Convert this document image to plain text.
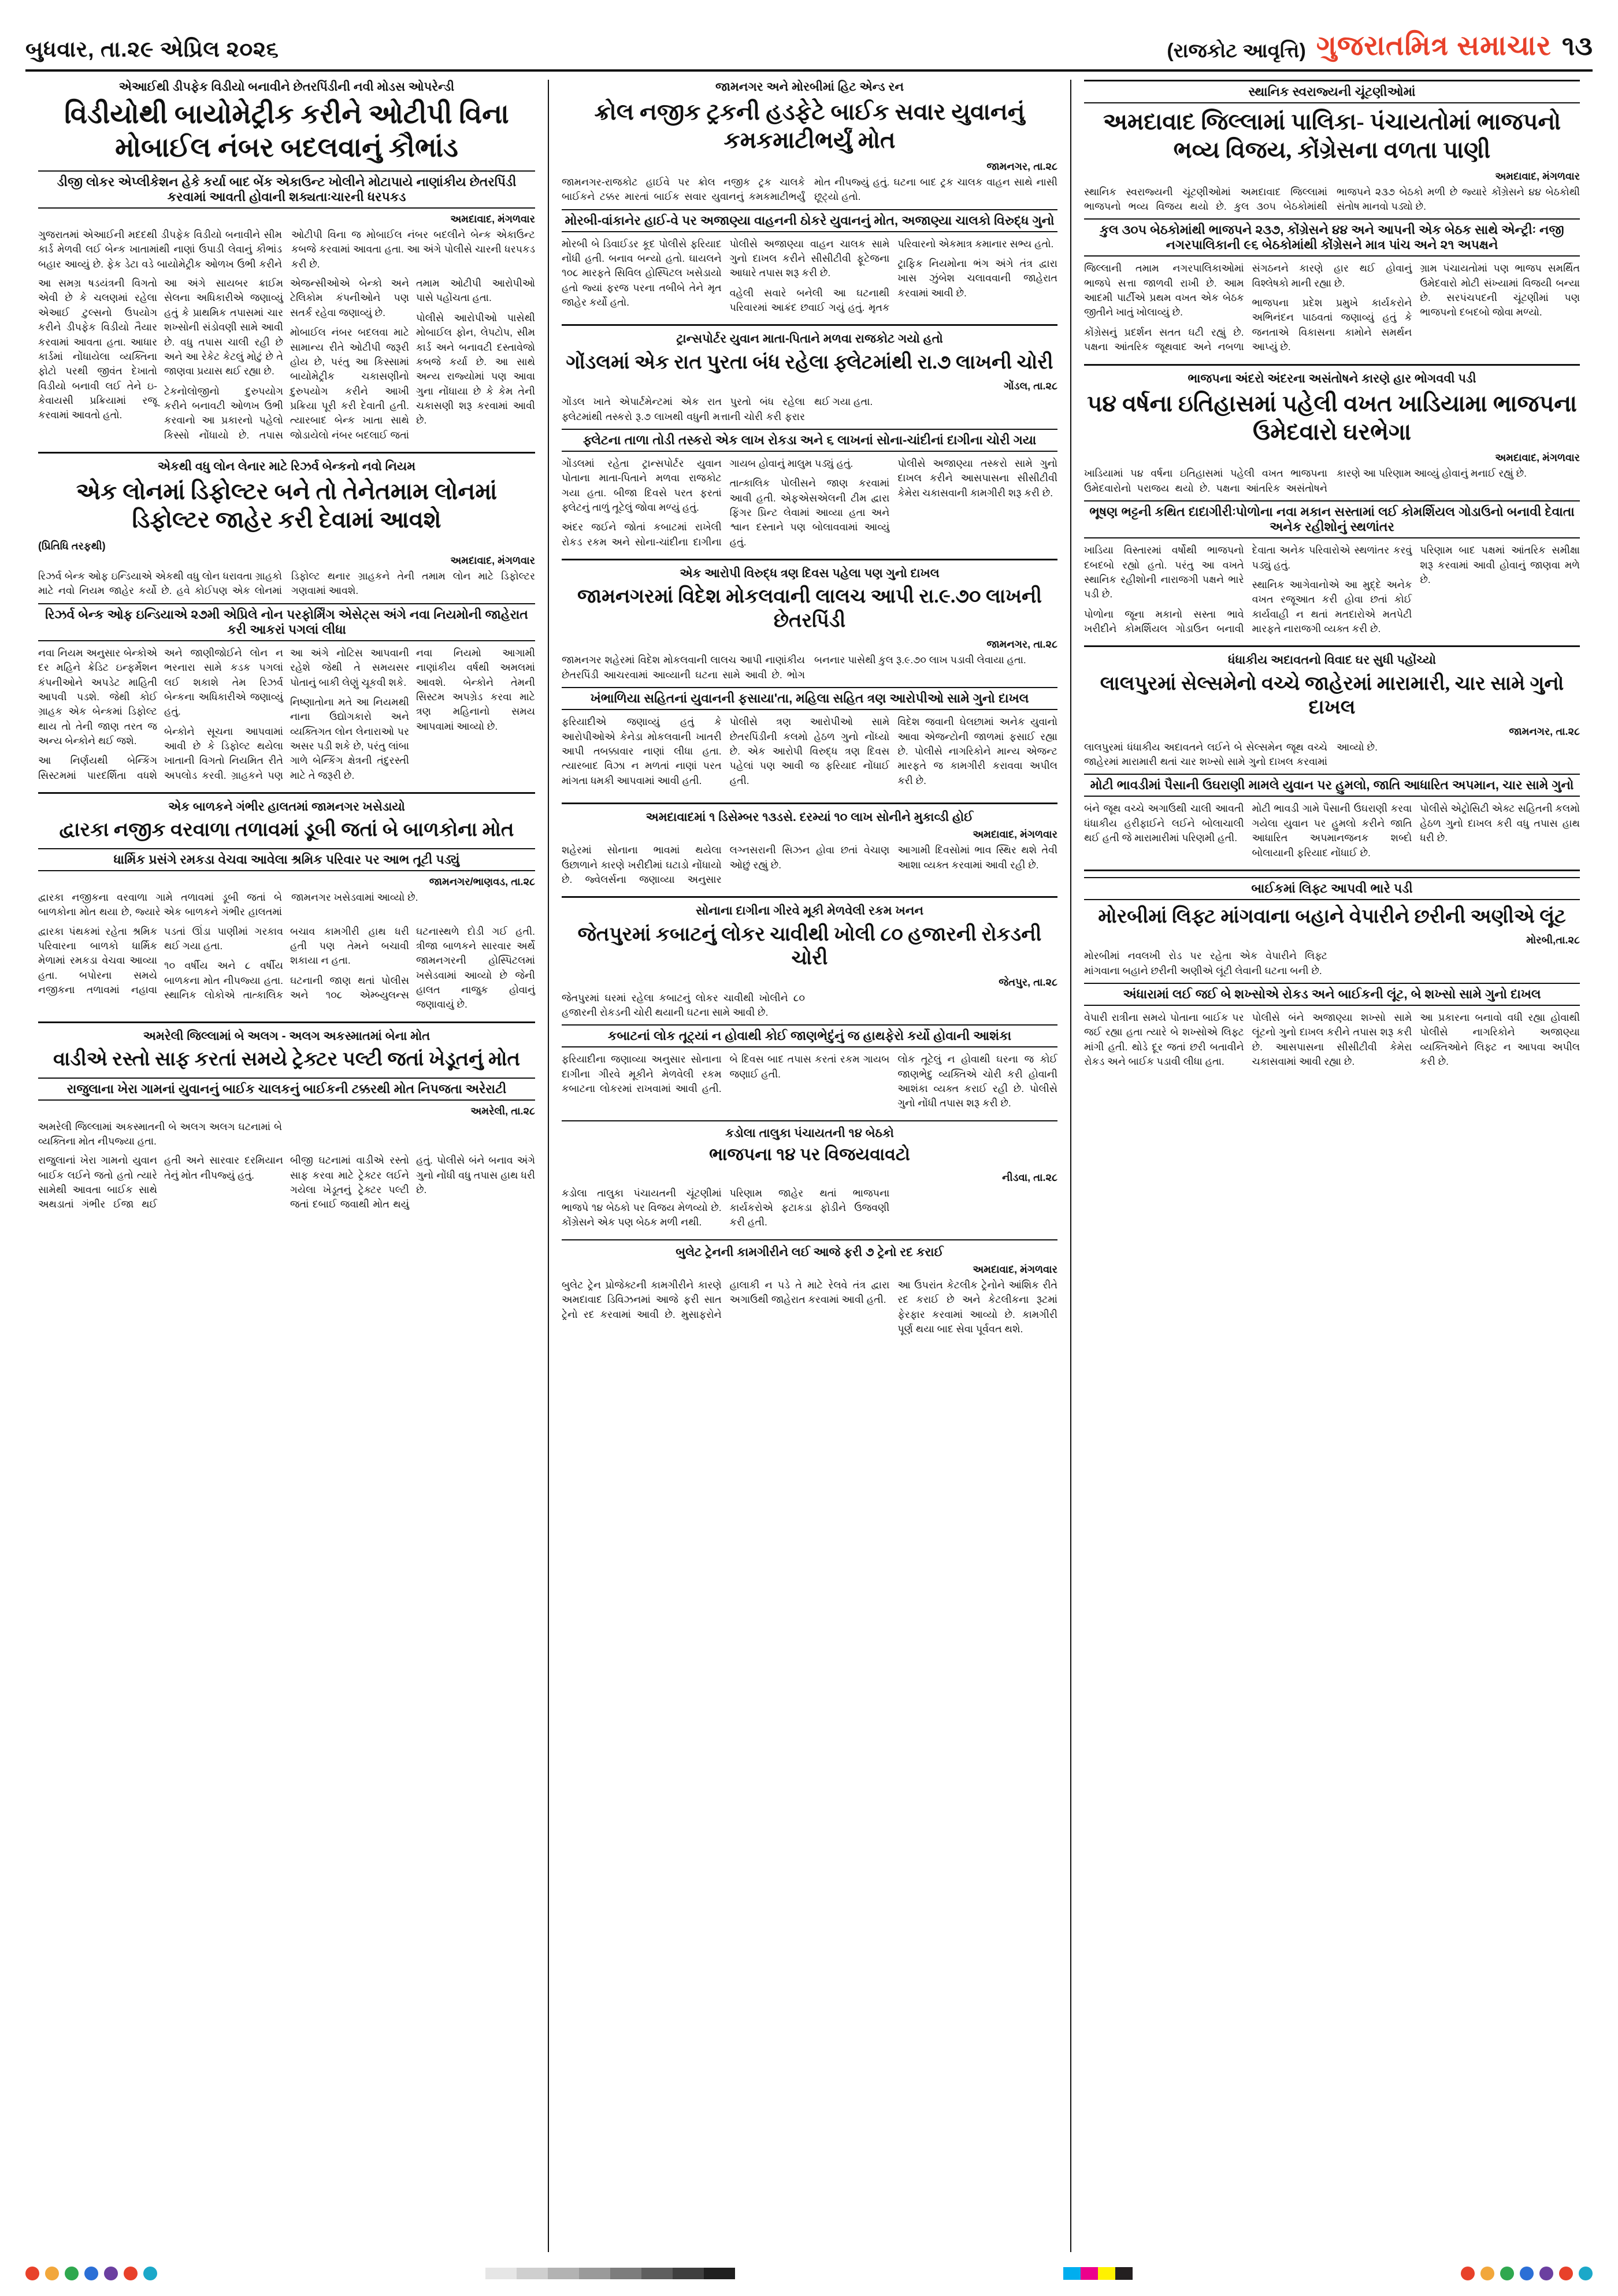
બુધવાર, તા.૨૯ એપ્રિલ ૨૦૨૬	(રાજકોટ આવૃત્તિ) ગુજરાતમિત્ર સમાચાર ૧૩
એઆઈથી ડીપફેક વિડીયો બનાવીને છેતરપિંડીની નવી મોડસ ઓપરેન્ડી
વિડીયોથી બાયોમેટ્રીક કરીને ઓટીપી વિના મોબાઈલ નંબર બદલવાનું કૌભાંડ
ડીજી લોકર એપ્લીકેશન હેકે કર્યા બાદ બેંક એકાઉન્ટ ખોલીને મોટાપાયે નાણાંકીય છેતરપિંડી કરવામાં આવતી હોવાની શક્યતાઃચારની ધરપકડ
અમદાવાદ, મંગળવાર
ગુજરાતમાં એઆઈની મદદથી ડીપફેક વિડીયો બનાવીને સીમ કાર્ડ મેળવી લઈ બેન્ક ખાતામાંથી નાણાં ઉપાડી લેવાનું કૌભાંડ બહાર આવ્યું છે. ફેક ડેટા વડે બાયોમેટ્રીક ઓળખ ઉભી કરીને ઓટીપી વિના જ મોબાઈલ નંબર બદલીને બેન્ક એકાઉન્ટ કબજે કરવામાં આવતા હતા. આ અંગે પોલીસે ચારની ધરપકડ કરી છે.

આ સમગ્ર ષડયંત્રની વિગતો એવી છે કે ચલણમાં રહેલા એઆઈ ટુલ્સનો ઉપયોગ કરીને ડીપફેક વિડીયો તૈયાર કરવામાં આવતા હતા. આધાર કાર્ડમાં નોંધાયેલા વ્યક્તિના ફોટો પરથી જીવંત દેખાતો વિડીયો બનાવી લઈ તેને ઇ-કેવાયસી પ્રક્રિયામાં રજૂ કરવામાં આવતો હતો.

આ અંગે સાયબર ક્રાઈમ સેલના અધિકારીએ જણાવ્યું હતું કે પ્રાથમિક તપાસમાં ચાર શખ્સોની સંડોવણી સામે આવી છે. વધુ તપાસ ચાલી રહી છે અને આ રેકેટ કેટલું મોટું છે તે જાણવા પ્રયાસ થઈ રહ્યા છે.

ટેકનોલોજીનો દુરુપયોગ કરીને બનાવટી ઓળખ ઉભી કરવાનો આ પ્રકારનો પહેલો કિસ્સો નોંધાયો છે. તપાસ એજન્સીઓએ બેન્કો અને ટેલિકોમ કંપનીઓને પણ સતર્ક રહેવા જણાવ્યું છે.

મોબાઈલ નંબર બદલવા માટે સામાન્ય રીતે ઓટીપી જરૂરી હોય છે, પરંતુ આ કિસ્સામાં બાયોમેટ્રીક ચકાસણીનો દુરુપયોગ કરીને આખી પ્રક્રિયા પૂરી કરી દેવાતી હતી. ત્યારબાદ બેન્ક ખાતા સાથે જોડાયેલો નંબર બદલાઈ જતાં તમામ ઓટીપી આરોપીઓ પાસે પહોંચતા હતા.

પોલીસે આરોપીઓ પાસેથી મોબાઈલ ફોન, લેપટોપ, સીમ કાર્ડ અને બનાવટી દસ્તાવેજો કબજે કર્યા છે. આ સાથે અન્ય રાજ્યોમાં પણ આવા ગુના નોંધાયા છે કે કેમ તેની ચકાસણી શરૂ કરવામાં આવી છે.

એકથી વધુ લોન લેનાર માટે રિઝર્વ બેન્કનો નવો નિયમ
એક લોનમાં ડિફોલ્ટર બને તો તેનેતમામ લોનમાં ડિફોલ્ટર જાહેર કરી દેવામાં આવશે
(પ્રિતિધિ તરફથી)
અમદાવાદ, મંગળવાર
રિઝર્વ બેન્ક ઓફ ઇન્ડિયાએ એકથી વધુ લોન ધરાવતા ગ્રાહકો માટે નવો નિયમ જાહેર કર્યો છે. હવે કોઈપણ એક લોનમાં ડિફોલ્ટ થનાર ગ્રાહકને તેની તમામ લોન માટે ડિફોલ્ટર ગણવામાં આવશે.
રિઝર્વ બેન્ક ઓફ ઇન્ડિયાએ ૨૭મી એપ્રિલે નોન પરફોર્મિંગ એસેટ્સ અંગે નવા નિયમોની જાહેરાત કરી આકરાં પગલાં લીધા

નવા નિયમ અનુસાર બેન્કોએ દર મહિને ક્રેડિટ ઇન્ફર્મેશન કંપનીઓને અપડેટ માહિતી આપવી પડશે. જેથી કોઈ ગ્રાહક એક બેન્કમાં ડિફોલ્ટ થાય તો તેની જાણ તરત જ અન્ય બેન્કોને થઈ જશે.

આ નિર્ણયથી બેન્કિંગ સિસ્ટમમાં પારદર્શિતા વધશે અને જાણીજોઈને લોન ન ભરનારા સામે કડક પગલાં લઈ શકાશે તેમ રિઝર્વ બેન્કના અધિકારીએ જણાવ્યું હતું.

બેન્કોને સૂચના આપવામાં આવી છે કે ડિફોલ્ટ થયેલા ખાતાની વિગતો નિયમિત રીતે અપલોડ કરવી. ગ્રાહકને પણ આ અંગે નોટિસ આપવાની રહેશે જેથી તે સમયસર પોતાનું બાકી લેણું ચૂકવી શકે.

નિષ્ણાતોના મતે આ નિયમથી નાના ઉદ્યોગકારો અને વ્યક્તિગત લોન લેનારાઓ પર અસર પડી શકે છે, પરંતુ લાંબા ગાળે બેન્કિંગ ક્ષેત્રની તંદુરસ્તી માટે તે જરૂરી છે.

નવા નિયમો આગામી નાણાંકીય વર્ષથી અમલમાં આવશે. બેન્કોને તેમની સિસ્ટમ અપગ્રેડ કરવા માટે ત્રણ મહિનાનો સમય આપવામાં આવ્યો છે.

એક બાળકને ગંભીર હાલતમાં જામનગર ખસેડાયો
દ્વારકા નજીક વરવાળા તળાવમાં ડૂબી જતાં બે બાળકોના મોત
ધાર્મિક પ્રસંગે રમકડા વેચવા આવેલા શ્રમિક પરિવાર પર આભ તૂટી પડ્યું
જામનગર/ભાણવડ, તા.૨૮
દ્વારકા નજીકના વરવાળા ગામે તળાવમાં ડૂબી જતાં બે બાળકોના મોત થયા છે, જ્યારે એક બાળકને ગંભીર હાલતમાં જામનગર ખસેડવામાં આવ્યો છે.

દ્વારકા પંથકમાં રહેતા શ્રમિક પરિવારના બાળકો ધાર્મિક મેળામાં રમકડા વેચવા આવ્યા હતા. બપોરના સમયે નજીકના તળાવમાં નહાવા પડતાં ઊંડા પાણીમાં ગરકાવ થઈ ગયા હતા.

૧૦ વર્ષીય અને ૮ વર્ષીય બાળકના મોત નીપજ્યા હતા. સ્થાનિક લોકોએ તાત્કાલિક બચાવ કામગીરી હાથ ધરી હતી પણ તેમને બચાવી શકાયા ન હતા.

ઘટનાની જાણ થતાં પોલીસ અને ૧૦૮ એમ્બ્યુલન્સ ઘટનાસ્થળે દોડી ગઈ હતી. ત્રીજા બાળકને સારવાર અર્થે જામનગરની હોસ્પિટલમાં ખસેડવામાં આવ્યો છે જેની હાલત નાજુક હોવાનું જણાવાયું છે.

અમરેલી જિલ્લામાં બે અલગ - અલગ અકસ્માતમાં બેના મોત
વાડીએ રસ્તો સાફ કરતાં સમયે ટ્રેક્ટર પલ્ટી જતાં ખેડૂતનું મોત
રાજુલાના ખેરા ગામનાં યુવાનનું બાઈક ચાલકનું બાઈકની ટક્કરથી મોત નિપજતા અરેરાટી
અમરેલી, તા.૨૮
અમરેલી જિલ્લામાં અકસ્માતની બે અલગ અલગ ઘટનામાં બે વ્યક્તિના મોત નીપજ્યા હતા.

રાજુલાનાં ખેરા ગામનો યુવાન બાઈક લઈને જતો હતો ત્યારે સામેથી આવતા બાઈક સાથે અથડાતાં ગંભીર ઈજા થઈ હતી અને સારવાર દરમિયાન તેનું મોત નીપજ્યું હતું.

બીજી ઘટનામાં વાડીએ રસ્તો સાફ કરવા માટે ટ્રેક્ટર લઈને ગયેલા ખેડૂતનું ટ્રેક્ટર પલ્ટી જતાં દબાઈ જવાથી મોત થયું હતું. પોલીસે બંને બનાવ અંગે ગુનો નોંધી વધુ તપાસ હાથ ધરી છે.

જામનગર અને મોરબીમાં હિટ એન્ડ રન
ક્રોલ નજીક ટ્રકની હડફેટે બાઈક સવાર યુવાનનું કમકમાટીભર્યું મોત
જામનગર, તા.૨૮
જામનગર-રાજકોટ હાઈવે પર ક્રોલ નજીક ટ્રક ચાલકે બાઈકને ટક્કર મારતાં બાઈક સવાર યુવાનનું કમકમાટીભર્યું મોત નીપજ્યું હતું. ઘટના બાદ ટ્રક ચાલક વાહન સાથે નાસી છૂટ્યો હતો.
મોરબી-વાંકાનેર હાઈ-વે પર અજાણ્યા વાહનની ઠોકરે યુવાનનું મોત, અજાણ્યા ચાલકો વિરુદ્ધ ગુનો

મોરબી બે ડિવાઈડર કૂદ પોલીસે ફરિયાદ નોંધી હતી. બનાવ બન્યો હતો. ઘાયલને ૧૦૮ મારફતે સિવિલ હોસ્પિટલ ખસેડાયો હતો જ્યાં ફરજ પરના તબીબે તેને મૃત જાહેર કર્યો હતો.

પોલીસે અજાણ્યા વાહન ચાલક સામે ગુનો દાખલ કરીને સીસીટીવી ફૂટેજના આધારે તપાસ શરૂ કરી છે.

વહેલી સવારે બનેલી આ ઘટનાથી પરિવારમાં આક્રંદ છવાઈ ગયું હતું. મૃતક પરિવારનો એકમાત્ર કમાનાર સભ્ય હતો.

ટ્રાફિક નિયમોના ભંગ અંગે તંત્ર દ્વારા ખાસ ઝુંબેશ ચલાવવાની જાહેરાત કરવામાં આવી છે.

ટ્રાન્સપોર્ટર યુવાન માતા-પિતાને મળવા રાજકોટ ગયો હતો
ગોંડલમાં એક રાત પુરતા બંધ રહેલા ફ્લેટમાંથી રા.૭ લાખની ચોરી
ગોંડલ, તા.૨૮
ગોંડલ ખાતે એપાર્ટમેન્ટમાં એક રાત પુરતો બંધ રહેલા ફ્લેટમાંથી તસ્કરો રૂ.૭ લાખથી વધુની મત્તાની ચોરી કરી ફરાર થઈ ગયા હતા.
ફ્લેટના તાળા તોડી તસ્કરો એક લાખ રોકડા અને ૬ લાખનાં સોના-ચાંદીનાં દાગીના ચોરી ગયા

ગોંડલમાં રહેતા ટ્રાન્સપોર્ટર યુવાન પોતાના માતા-પિતાને મળવા રાજકોટ ગયા હતા. બીજા દિવસે પરત ફરતાં ફ્લેટનું તાળું તૂટેલું જોવા મળ્યું હતું.

અંદર જઈને જોતાં કબાટમાં રાખેલી રોકડ રકમ અને સોના-ચાંદીના દાગીના ગાયબ હોવાનું માલુમ પડ્યું હતું.

તાત્કાલિક પોલીસને જાણ કરવામાં આવી હતી. એફએસએલની ટીમ દ્વારા ફિંગર પ્રિન્ટ લેવામાં આવ્યા હતા અને શ્વાન દસ્તાને પણ બોલાવવામાં આવ્યું હતું.

પોલીસે અજાણ્યા તસ્કરો સામે ગુનો દાખલ કરીને આસપાસના સીસીટીવી કેમેરા ચકાસવાની કામગીરી શરૂ કરી છે.

એક આરોપી વિરુદ્ધ ત્રણ દિવસ પહેલા પણ ગુનો દાખલ
જામનગરમાં વિદેશ મોકલવાની લાલચ આપી રા.૯.૭૦ લાખની છેતરપિંડી
જામનગર, તા.૨૮
જામનગર શહેરમાં વિદેશ મોકલવાની લાલચ આપી નાણાંકીય છેતરપિંડી આચરવામાં આવ્યાની ઘટના સામે આવી છે. ભોગ બનનાર પાસેથી કુલ રૂ.૯.૭૦ લાખ પડાવી લેવાયા હતા.
ખંભાળિયા સહિતનાં યુવાનની ફસાયા'તા, મહિલા સહિત ત્રણ આરોપીઓ સામે ગુનો દાખલ

ફરિયાદીએ જણાવ્યું હતું કે આરોપીઓએ કેનેડા મોકલવાની ખાતરી આપી તબક્કાવાર નાણાં લીધા હતા. ત્યારબાદ વિઝા ન મળતાં નાણાં પરત માંગતા ધમકી આપવામાં આવી હતી.

પોલીસે ત્રણ આરોપીઓ સામે છેતરપિંડીની કલમો હેઠળ ગુનો નોંધ્યો છે. એક આરોપી વિરુદ્ધ ત્રણ દિવસ પહેલાં પણ આવી જ ફરિયાદ નોંધાઈ હતી.

વિદેશ જવાની ઘેલછામાં અનેક યુવાનો આવા એજન્ટોની જાળમાં ફસાઈ રહ્યા છે. પોલીસે નાગરિકોને માન્ય એજન્ટ મારફતે જ કામગીરી કરાવવા અપીલ કરી છે.

અમદાવાદમાં ૧ ડિસેમ્બર ૧૩ડસે. દરમ્યાં ૧૦ લાખ સોનીને મુકાવ્ડી હોઈ
અમદાવાદ, મંગળવાર

શહેરમાં સોનાના ભાવમાં થયેલા ઉછાળાને કારણે ખરીદીમાં ઘટાડો નોંધાયો છે. જ્વેલર્સના જણાવ્યા અનુસાર લગ્નસરાની સિઝન હોવા છતાં વેચાણ ઓછું રહ્યું છે.

આગામી દિવસોમાં ભાવ સ્થિર થશે તેવી આશા વ્યક્ત કરવામાં આવી રહી છે.

સોનાના દાગીના ગીરવે મૂકી મેળવેલી રકમ ખનન
જેતપુરમાં કબાટનું લોકર ચાવીથી ખોલી ૮૦ હજારની રોકડની ચોરી
જેતપુર, તા.૨૮
જેતપુરમાં ઘરમાં રહેલા કબાટનું લોકર ચાવીથી ખોલીને ૮૦ હજારની રોકડની ચોરી થયાની ઘટના સામે આવી છે.
કબાટનાં લોક તૂટ્યાં ન હોવાથી કોઈ જાણભેદુંનું જ હાથફેરો કર્યો હોવાની આશંકા

ફરિયાદીના જણાવ્યા અનુસાર સોનાના દાગીના ગીરવે મૂકીને મેળવેલી રકમ કબાટના લોકરમાં રાખવામાં આવી હતી. બે દિવસ બાદ તપાસ કરતાં રકમ ગાયબ જણાઈ હતી.

લોક તૂટેલું ન હોવાથી ઘરના જ કોઈ જાણભેદુ વ્યક્તિએ ચોરી કરી હોવાની આશંકા વ્યક્ત કરાઈ રહી છે. પોલીસે ગુનો નોંધી તપાસ શરૂ કરી છે.

કડોલા તાલુકા પંચાયતની ૧૪ બેઠકો
ભાજપના ૧૪ પર વિજયવાવટો
નીડવા, તા.૨૮

કડોલા તાલુકા પંચાયતની ચૂંટણીમાં ભાજપે ૧૪ બેઠકો પર વિજય મેળવ્યો છે. કોંગ્રેસને એક પણ બેઠક મળી નથી.

પરિણામ જાહેર થતાં ભાજપના કાર્યકરોએ ફટાકડા ફોડીને ઉજવણી કરી હતી.

બુલેટ ટ્રેનની કામગીરીને લઈ આજે ફરી ૭ ટ્રેનો રદ કરાઈ
અમદાવાદ, મંગળવાર

બુલેટ ટ્રેન પ્રોજેક્ટની કામગીરીને કારણે અમદાવાદ ડિવિઝનમાં આજે ફરી સાત ટ્રેનો રદ કરવામાં આવી છે. મુસાફરોને હાલાકી ન પડે તે માટે રેલવે તંત્ર દ્વારા અગાઉથી જાહેરાત કરવામાં આવી હતી.

આ ઉપરાંત કેટલીક ટ્રેનોને આંશિક રીતે રદ કરાઈ છે અને કેટલીકના રૂટમાં ફેરફાર કરવામાં આવ્યો છે. કામગીરી પૂર્ણ થયા બાદ સેવા પૂર્વવત થશે.

સ્થાનિક સ્વરાજ્યની ચૂંટણીઓમાં
અમદાવાદ જિલ્લામાં પાલિકા- પંચાયતોમાં ભાજપનો ભવ્ય વિજય, કોંગ્રેસના વળતા પાણી
અમદાવાદ, મંગળવાર
સ્થાનિક સ્વરાજ્યની ચૂંટણીઓમાં અમદાવાદ જિલ્લામાં ભાજપનો ભવ્ય વિજય થયો છે. કુલ ૩૦૫ બેઠકોમાંથી ભાજપને ૨૩૭ બેઠકો મળી છે જ્યારે કોંગ્રેસને ૪૪ બેઠકોથી સંતોષ માનવો પડ્યો છે.
કુલ ૩૦૫ બેઠકોમાંથી ભાજપને ૨૩૭, કોંગ્રેસને ૪૪ અને આપની એક બેઠક સાથે એન્ટ્રીઃ નજી નગરપાલિકાની ૯૬ બેઠકોમાંથી કોંગ્રેસને માત્ર પાંચ અને ૨૧ અપક્ષને

જિલ્લાની તમામ નગરપાલિકાઓમાં ભાજપે સત્તા જાળવી રાખી છે. આમ આદમી પાર્ટીએ પ્રથમ વખત એક બેઠક જીતીને ખાતું ખોલાવ્યું છે.

કોંગ્રેસનું પ્રદર્શન સતત ઘટી રહ્યું છે. પક્ષના આંતરિક જૂથવાદ અને નબળા સંગઠનને કારણે હાર થઈ હોવાનું વિશ્લેષકો માની રહ્યા છે.

ભાજપના પ્રદેશ પ્રમુખે કાર્યકરોને અભિનંદન પાઠવતાં જણાવ્યું હતું કે જનતાએ વિકાસના કામોને સમર્થન આપ્યું છે.

ગ્રામ પંચાયતોમાં પણ ભાજપ સમર્થિત ઉમેદવારો મોટી સંખ્યામાં વિજયી બન્યા છે. સરપંચપદની ચૂંટણીમાં પણ ભાજપનો દબદબો જોવા મળ્યો.

ભાજપના અંદરો અંદરના અસંતોષને કારણે હાર ભોગવવી પડી
૫૪ વર્ષના ઇતિહાસમાં પહેલી વખત ખાડિયામા ભાજપના ઉમેદવારો ઘરભેગા
અમદાવાદ, મંગળવાર
ખાડિયામાં ૫૪ વર્ષના ઇતિહાસમાં પહેલી વખત ભાજપના ઉમેદવારોનો પરાજય થયો છે. પક્ષના આંતરિક અસંતોષને કારણે આ પરિણામ આવ્યું હોવાનું મનાઈ રહ્યું છે.
ભૂષણ ભટ્ટની કથિત દાદાગીરીઃપોળોના નવા મકાન સસ્તામાં લઈ કોમર્શિયલ ગોડાઉનો બનાવી દેવાતા અનેક રહીશોનું સ્થળાંતર

ખાડિયા વિસ્તારમાં વર્ષોથી ભાજપનો દબદબો રહ્યો હતો. પરંતુ આ વખતે સ્થાનિક રહીશોની નારાજગી પક્ષને ભારે પડી છે.

પોળોના જૂના મકાનો સસ્તા ભાવે ખરીદીને કોમર્શિયલ ગોડાઉન બનાવી દેવાતા અનેક પરિવારોએ સ્થળાંતર કરવું પડ્યું હતું.

સ્થાનિક આગેવાનોએ આ મુદ્દે અનેક વખત રજૂઆત કરી હોવા છતાં કોઈ કાર્યવાહી ન થતાં મતદારોએ મતપેટી મારફતે નારાજગી વ્યક્ત કરી છે.

પરિણામ બાદ પક્ષમાં આંતરિક સમીક્ષા શરૂ કરવામાં આવી હોવાનું જાણવા મળે છે.

ધંધાકીય અદાવતનો વિવાદ ઘર સુધી પહોંચ્યો
લાલપુરમાં સેલ્સમેનો વચ્ચે જાહેરમાં મારામારી, ચાર સામે ગુનો દાખલ
જામનગર, તા.૨૮
લાલપુરમાં ધંધાકીય અદાવતને લઈને બે સેલ્સમેન જૂથ વચ્ચે જાહેરમાં મારામારી થતાં ચાર શખ્સો સામે ગુનો દાખલ કરવામાં આવ્યો છે.
મોટી ભાવડીમાં પૈસાની ઉઘરાણી મામલે યુવાન પર હુમલો, જાતિ આધારિત અપમાન, ચાર સામે ગુનો

બંને જૂથ વચ્ચે અગાઉથી ચાલી આવતી ધંધાકીય હરીફાઈને લઈને બોલાચાલી થઈ હતી જે મારામારીમાં પરિણમી હતી.

મોટી ભાવડી ગામે પૈસાની ઉઘરાણી કરવા ગયેલા યુવાન પર હુમલો કરીને જાતિ આધારિત અપમાનજનક શબ્દો બોલાયાની ફરિયાદ નોંધાઈ છે.

પોલીસે એટ્રોસિટી એક્ટ સહિતની કલમો હેઠળ ગુનો દાખલ કરી વધુ તપાસ હાથ ધરી છે.

બાઈકમાં લિફ્ટ આપવી ભારે પડી
મોરબીમાં લિફ્ટ માંગવાના બહાને વેપારીને છરીની અણીએ લૂંટ
મોરબી,તા.૨૮
મોરબીમાં નવલખી રોડ પર રહેતા એક વેપારીને લિફ્ટ માંગવાના બહાને છરીની અણીએ લૂંટી લેવાની ઘટના બની છે.
અંધારામાં લઈ જઈ બે શખ્સોએ રોકડ અને બાઈકની લૂંટ, બે શખ્સો સામે ગુનો દાખલ

વેપારી રાત્રીના સમયે પોતાના બાઈક પર જઈ રહ્યા હતા ત્યારે બે શખ્સોએ લિફ્ટ માંગી હતી. થોડે દૂર જતાં છરી બતાવીને રોકડ અને બાઈક પડાવી લીધા હતા.

પોલીસે બંને અજાણ્યા શખ્સો સામે લૂંટનો ગુનો દાખલ કરીને તપાસ શરૂ કરી છે. આસપાસના સીસીટીવી કેમેરા ચકાસવામાં આવી રહ્યા છે.

આ પ્રકારના બનાવો વધી રહ્યા હોવાથી પોલીસે નાગરિકોને અજાણ્યા વ્યક્તિઓને લિફ્ટ ન આપવા અપીલ કરી છે.
